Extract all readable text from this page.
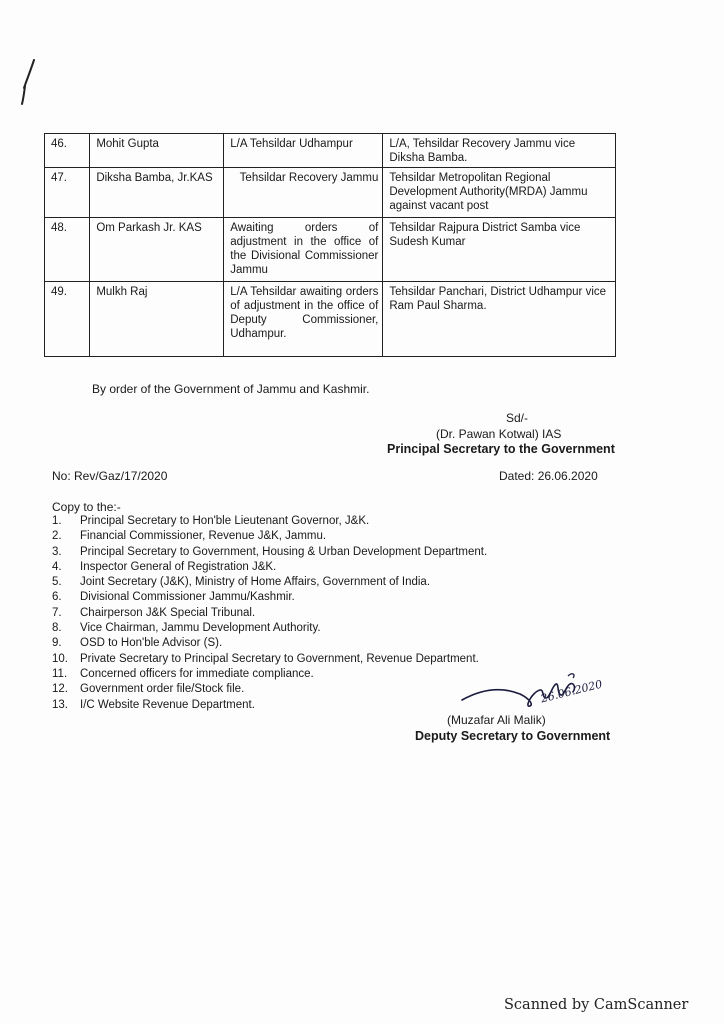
46.	Mohit Gupta	L/A Tehsildar Udhampur	L/A, Tehsildar Recovery Jammu vice Diksha Bamba.
47.	Diksha Bamba, Jr.KAS	Tehsildar Recovery Jammu	Tehsildar Metropolitan Regional Development Authority(MRDA) Jammu against vacant post
48.	Om Parkash Jr. KAS	Awaiting orders of adjustment in the office of the Divisional Commissioner Jammu	Tehsildar Rajpura District Samba vice Sudesh Kumar
49.	Mulkh Raj	L/A Tehsildar awaiting orders of adjustment in the office of Deputy Commissioner, Udhampur.	Tehsildar Panchari, District Udhampur vice Ram Paul Sharma.
By order of the Government of Jammu and Kashmir.
Sd/-
(Dr. Pawan Kotwal) IAS
Principal Secretary to the Government
No: Rev/Gaz/17/2020	Dated: 26.06.2020
Copy to the:-
1. Principal Secretary to Hon'ble Lieutenant Governor, J&K.
2. Financial Commissioner, Revenue J&K, Jammu.
3. Principal Secretary to Government, Housing & Urban Development Department.
4. Inspector General of Registration J&K.
5. Joint Secretary (J&K), Ministry of Home Affairs, Government of India.
6. Divisional Commissioner Jammu/Kashmir.
7. Chairperson J&K Special Tribunal.
8. Vice Chairman, Jammu Development Authority.
9. OSD to Hon'ble Advisor (S).
10. Private Secretary to Principal Secretary to Government, Revenue Department.
11. Concerned officers for immediate compliance.
12. Government order file/Stock file.
13. I/C Website Revenue Department.	26.06.2020
(Muzafar Ali Malik)
Deputy Secretary to Government
Scanned by CamScanner
